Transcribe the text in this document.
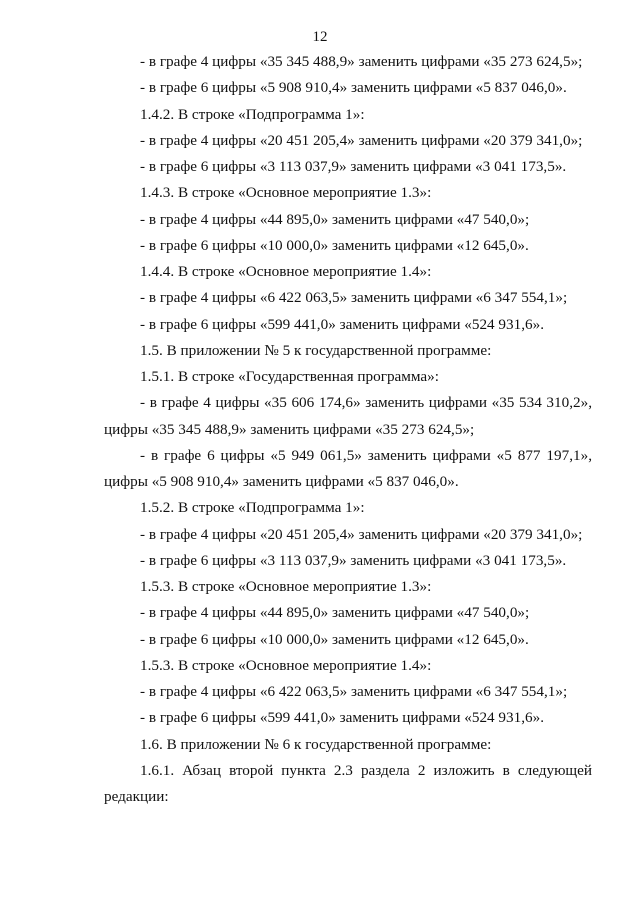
12

- в графе 4 цифры «35 345 488,9» заменить цифрами «35 273 624,5»;

- в графе 6 цифры «5 908 910,4» заменить цифрами «5 837 046,0».

1.4.2. В строке «Подпрограмма 1»:

- в графе 4 цифры «20 451 205,4» заменить цифрами «20 379 341,0»;

- в графе 6 цифры «3 113 037,9» заменить цифрами «3 041 173,5».

1.4.3. В строке «Основное мероприятие 1.3»:

- в графе 4 цифры «44 895,0» заменить цифрами «47 540,0»;

- в графе 6 цифры «10 000,0» заменить цифрами «12 645,0».

1.4.4. В строке «Основное мероприятие 1.4»:

- в графе 4 цифры «6 422 063,5» заменить цифрами «6 347 554,1»;

- в графе 6 цифры «599 441,0» заменить цифрами «524 931,6».

1.5. В приложении № 5 к государственной программе:

1.5.1. В строке «Государственная программа»:

- в графе 4 цифры «35 606 174,6» заменить цифрами «35 534 310,2»,

цифры «35 345 488,9» заменить цифрами «35 273 624,5»;

- в графе 6 цифры «5 949 061,5» заменить цифрами «5 877 197,1»,

цифры «5 908 910,4» заменить цифрами «5 837 046,0».

1.5.2. В строке «Подпрограмма 1»:

- в графе 4 цифры «20 451 205,4» заменить цифрами «20 379 341,0»;

- в графе 6 цифры «3 113 037,9» заменить цифрами «3 041 173,5».

1.5.3. В строке «Основное мероприятие 1.3»:

- в графе 4 цифры «44 895,0» заменить цифрами «47 540,0»;

- в графе 6 цифры «10 000,0» заменить цифрами «12 645,0».

1.5.3. В строке «Основное мероприятие 1.4»:

- в графе 4 цифры «6 422 063,5» заменить цифрами «6 347 554,1»;

- в графе 6 цифры «599 441,0» заменить цифрами «524 931,6».

1.6. В приложении № 6 к государственной программе:

1.6.1. Абзац второй пункта 2.3 раздела 2 изложить в следующей

редакции:
